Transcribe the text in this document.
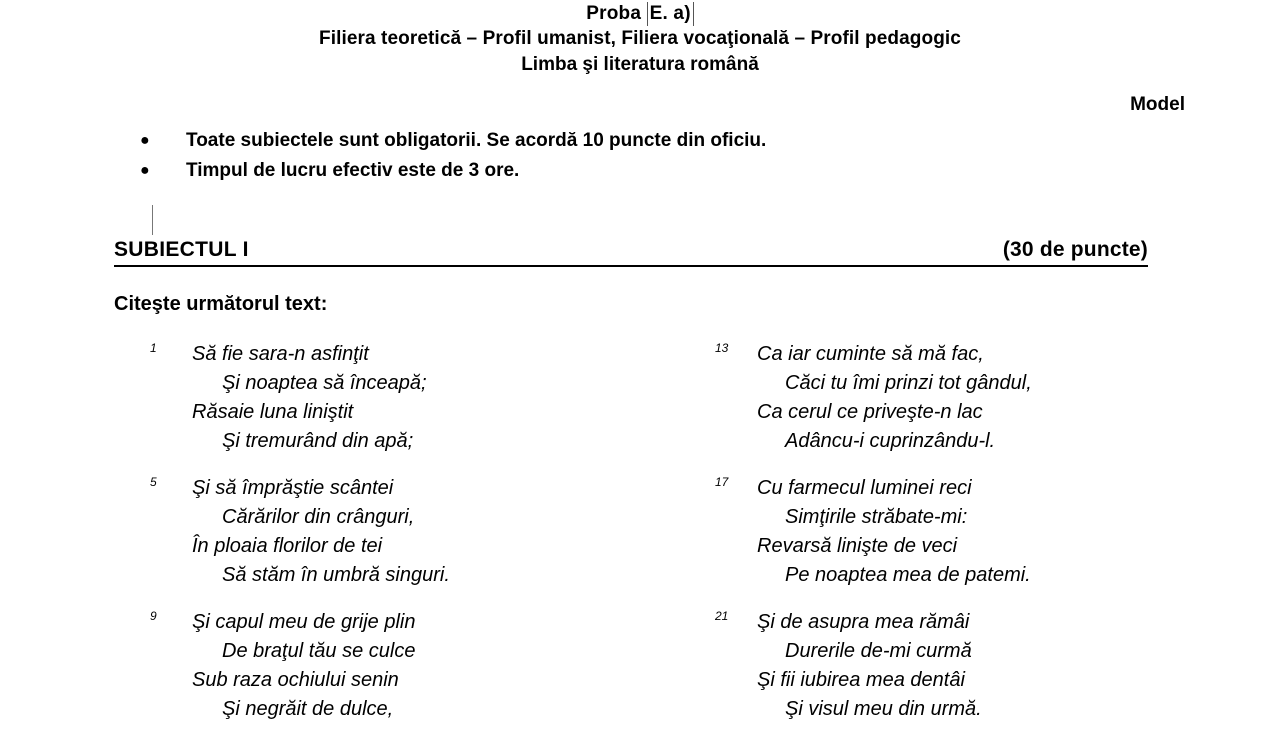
Proba E. a)
Filiera teoretică – Profil umanist, Filiera vocaţională – Profil pedagogic
Limba şi literatura română
Model
●	Toate subiectele sunt obligatorii. Se acordă 10 puncte din oficiu.
●	Timpul de lucru efectiv este de 3 ore.
SUBIECTUL I	(30 de puncte)
Citeşte următorul text:
1	Să fie sara-n asfinţit
Şi noaptea să înceapă;
Răsaie luna liniştit
Şi tremurând din apă;
5	Şi să împrăştie scântei
Cărărilor din crânguri,
În ploaia florilor de tei
Să stăm în umbră singuri.
9	Şi capul meu de grije plin
De braţul tău se culce
Sub raza ochiului senin
Şi negrăit de dulce,
13	Ca iar cuminte să mă fac,
Căci tu îmi prinzi tot gândul,
Ca cerul ce priveşte-n lac
Adâncu-i cuprinzându-l.
17	Cu farmecul luminei reci
Simţirile străbate-mi:
Revarsă linişte de veci
Pe noaptea mea de patemi.
21	Şi de asupra mea rămâi
Durerile de-mi curmă
Şi fii iubirea mea dentâi
Şi visul meu din urmă.
